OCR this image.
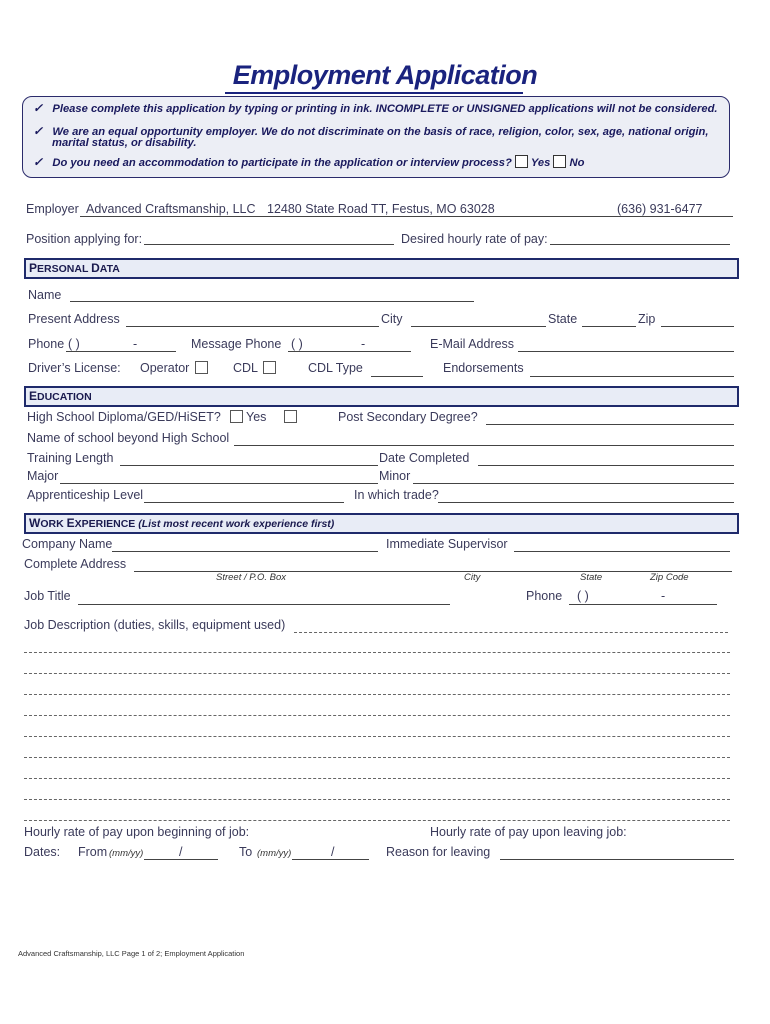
Employment Application
✓ Please complete this application by typing or printing in ink. INCOMPLETE or UNSIGNED applications will not be considered.
✓ We are an equal opportunity employer. We do not discriminate on the basis of race, religion, color, sex, age, national origin,
marital status, or disability.
✓ Do you need an accommodation to participate in the application or interview process? Yes No
Employer Advanced Craftsmanship, LLC 12480 State Road TT, Festus, MO 63028	(636) 931-6477
Position applying for:	Desired hourly rate of pay:
PERSONAL DATA
Name
Present Address	City	State	Zip
Phone ( )	-	Message Phone ( )	-	E-Mail Address
Driver’s License: Operator	CDL	CDL Type	Endorsements
EDUCATION
High School Diploma/GED/HiSET? Yes	Post Secondary Degree?
Name of school beyond High School
Training Length	Date Completed
Major	Minor
Apprenticeship Level	In which trade?
WORK EXPERIENCE (List most recent work experience first)
Company Name	Immediate Supervisor
Complete Address
Street / P.O. Box	City	State	Zip Code
Job Title	Phone ( )	-
Job Description (duties, skills, equipment used)
Hourly rate of pay upon beginning of job:	Hourly rate of pay upon leaving job:
Dates: From (mm/yy)	/	To (mm/yy)	/	Reason for leaving
Advanced Craftsmanship, LLC Page 1 of 2; Employment Application
